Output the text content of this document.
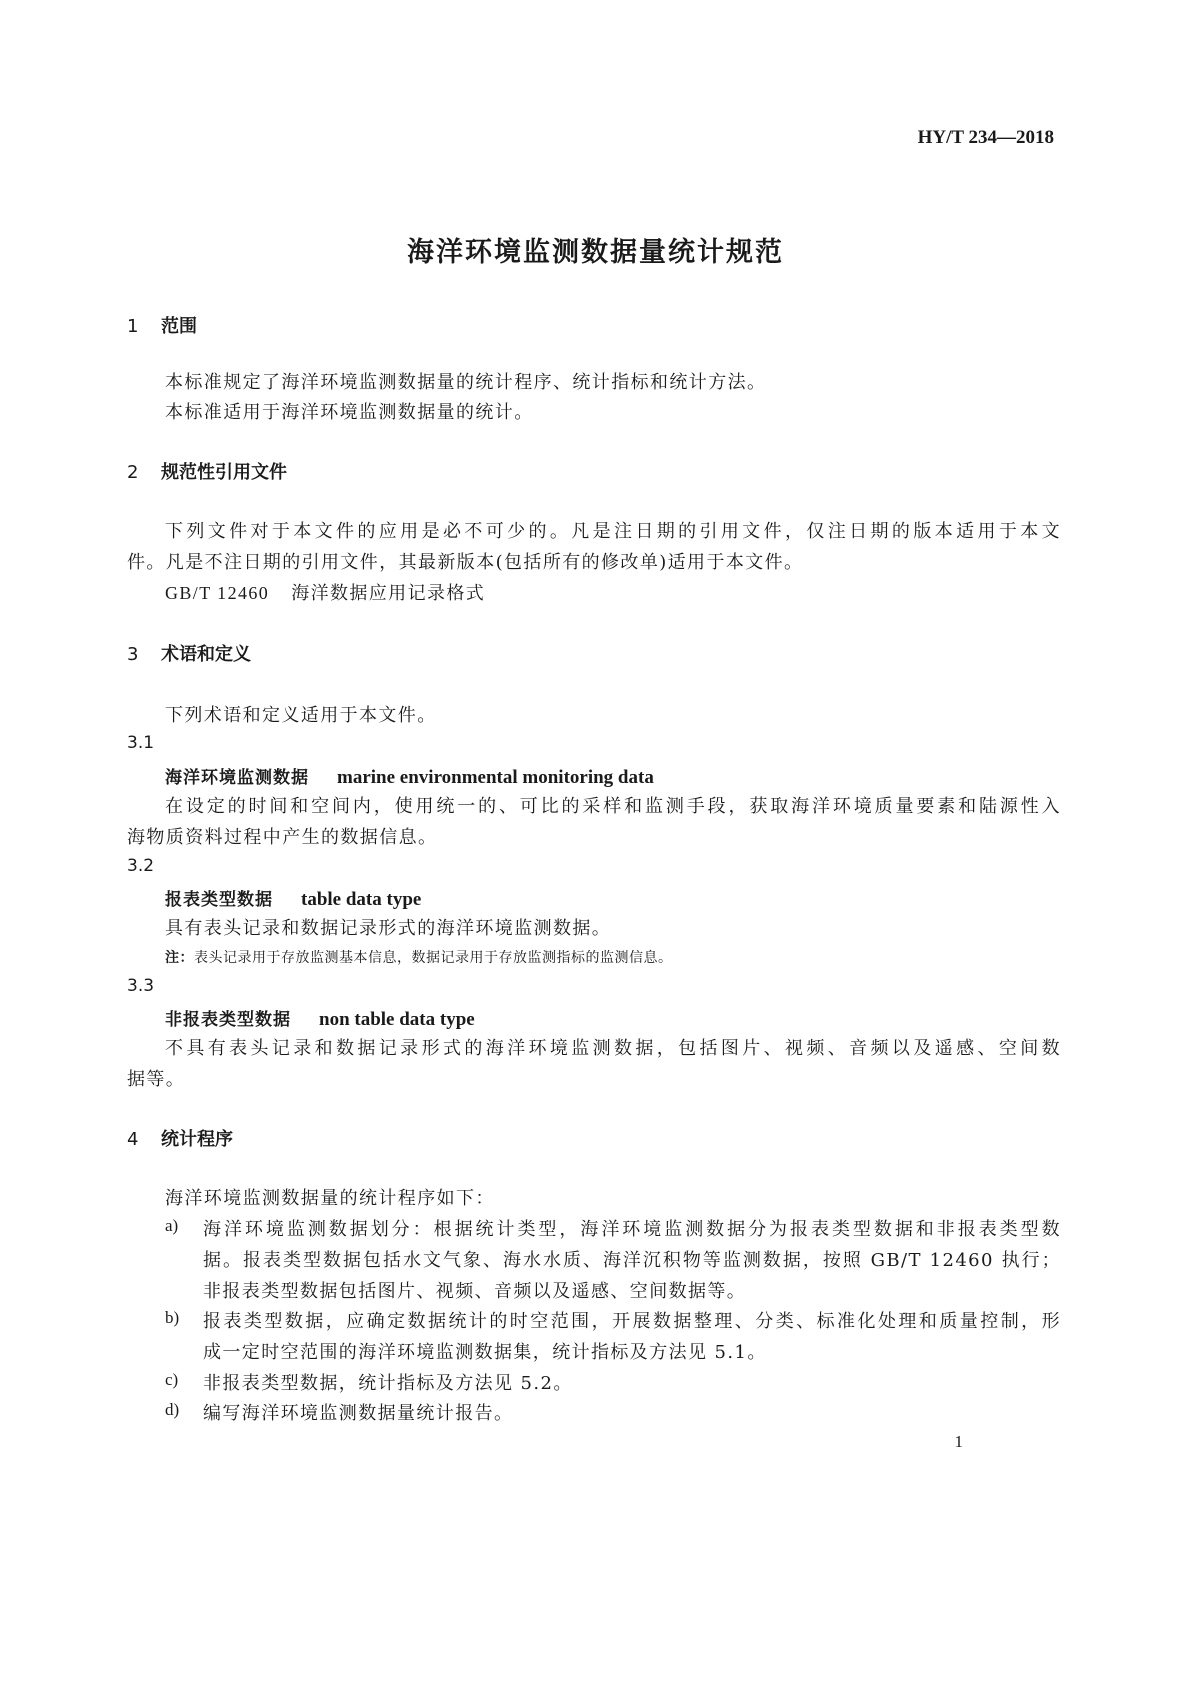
HY/T 234—2018
海洋环境监测数据量统计规范
1 范围
本标准规定了海洋环境监测数据量的统计程序、统计指标和统计方法。
本标准适用于海洋环境监测数据量的统计。
2 规范性引用文件
下列文件对于本文件的应用是必不可少的。凡是注日期的引用文件，仅注日期的版本适用于本文
件。凡是不注日期的引用文件，其最新版本(包括所有的修改单)适用于本文件。
GB/T 12460 海洋数据应用记录格式
3 术语和定义
下列术语和定义适用于本文件。
3.1
海洋环境监测数据 marine environmental monitoring data
在设定的时间和空间内，使用统一的、可比的采样和监测手段，获取海洋环境质量要素和陆源性入
海物质资料过程中产生的数据信息。
3.2
报表类型数据 table data type
具有表头记录和数据记录形式的海洋环境监测数据。
注：表头记录用于存放监测基本信息，数据记录用于存放监测指标的监测信息。
3.3
非报表类型数据 non table data type
不具有表头记录和数据记录形式的海洋环境监测数据，包括图片、视频、音频以及遥感、空间数
据等。
4 统计程序
海洋环境监测数据量的统计程序如下：
a) 海洋环境监测数据划分：根据统计类型，海洋环境监测数据分为报表类型数据和非报表类型数
据。报表类型数据包括水文气象、海水水质、海洋沉积物等监测数据，按照 GB/T 12460 执行；
非报表类型数据包括图片、视频、音频以及遥感、空间数据等。
b) 报表类型数据，应确定数据统计的时空范围，开展数据整理、分类、标准化处理和质量控制，形
成一定时空范围的海洋环境监测数据集，统计指标及方法见 5.1。
c) 非报表类型数据，统计指标及方法见 5.2。
d) 编写海洋环境监测数据量统计报告。
1
